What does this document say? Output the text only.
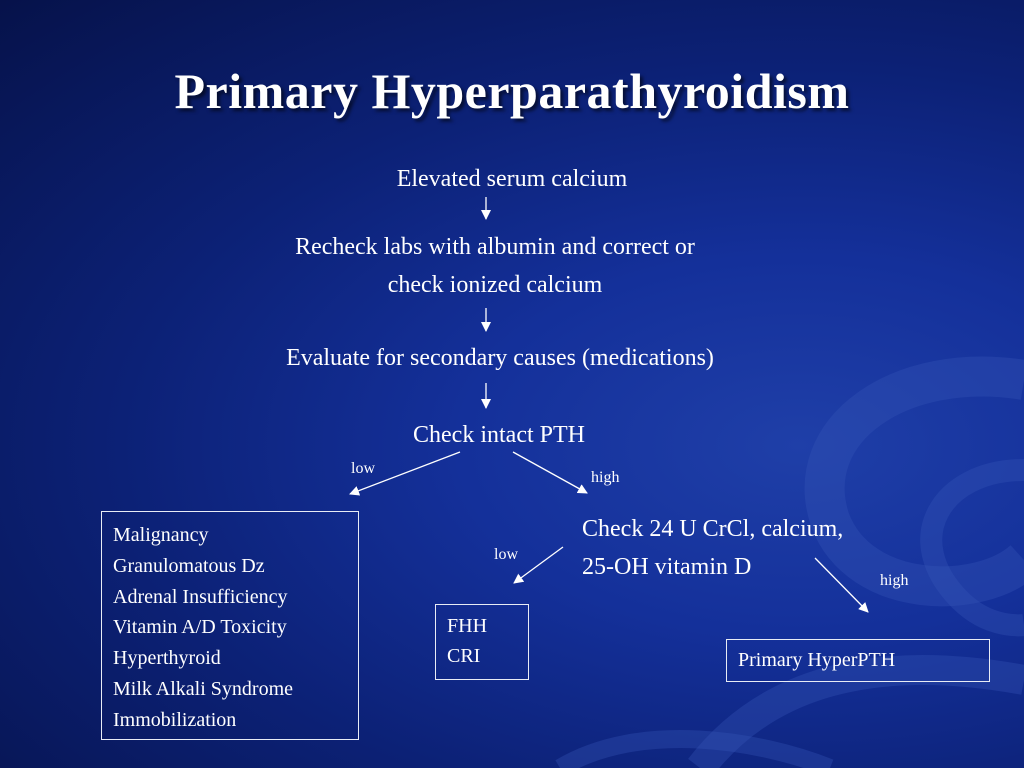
Primary Hyperparathyroidism
Elevated serum calcium
Recheck labs with albumin and correct or
check ionized calcium
Evaluate for secondary causes (medications)
Check intact PTH
Check 24 U CrCl, calcium,
25-OH vitamin D
low
high
low
high
Malignancy
Granulomatous Dz
Adrenal Insufficiency
Vitamin A/D Toxicity
Hyperthyroid
Milk Alkali Syndrome
Immobilization
FHH
CRI	Primary HyperPTH
